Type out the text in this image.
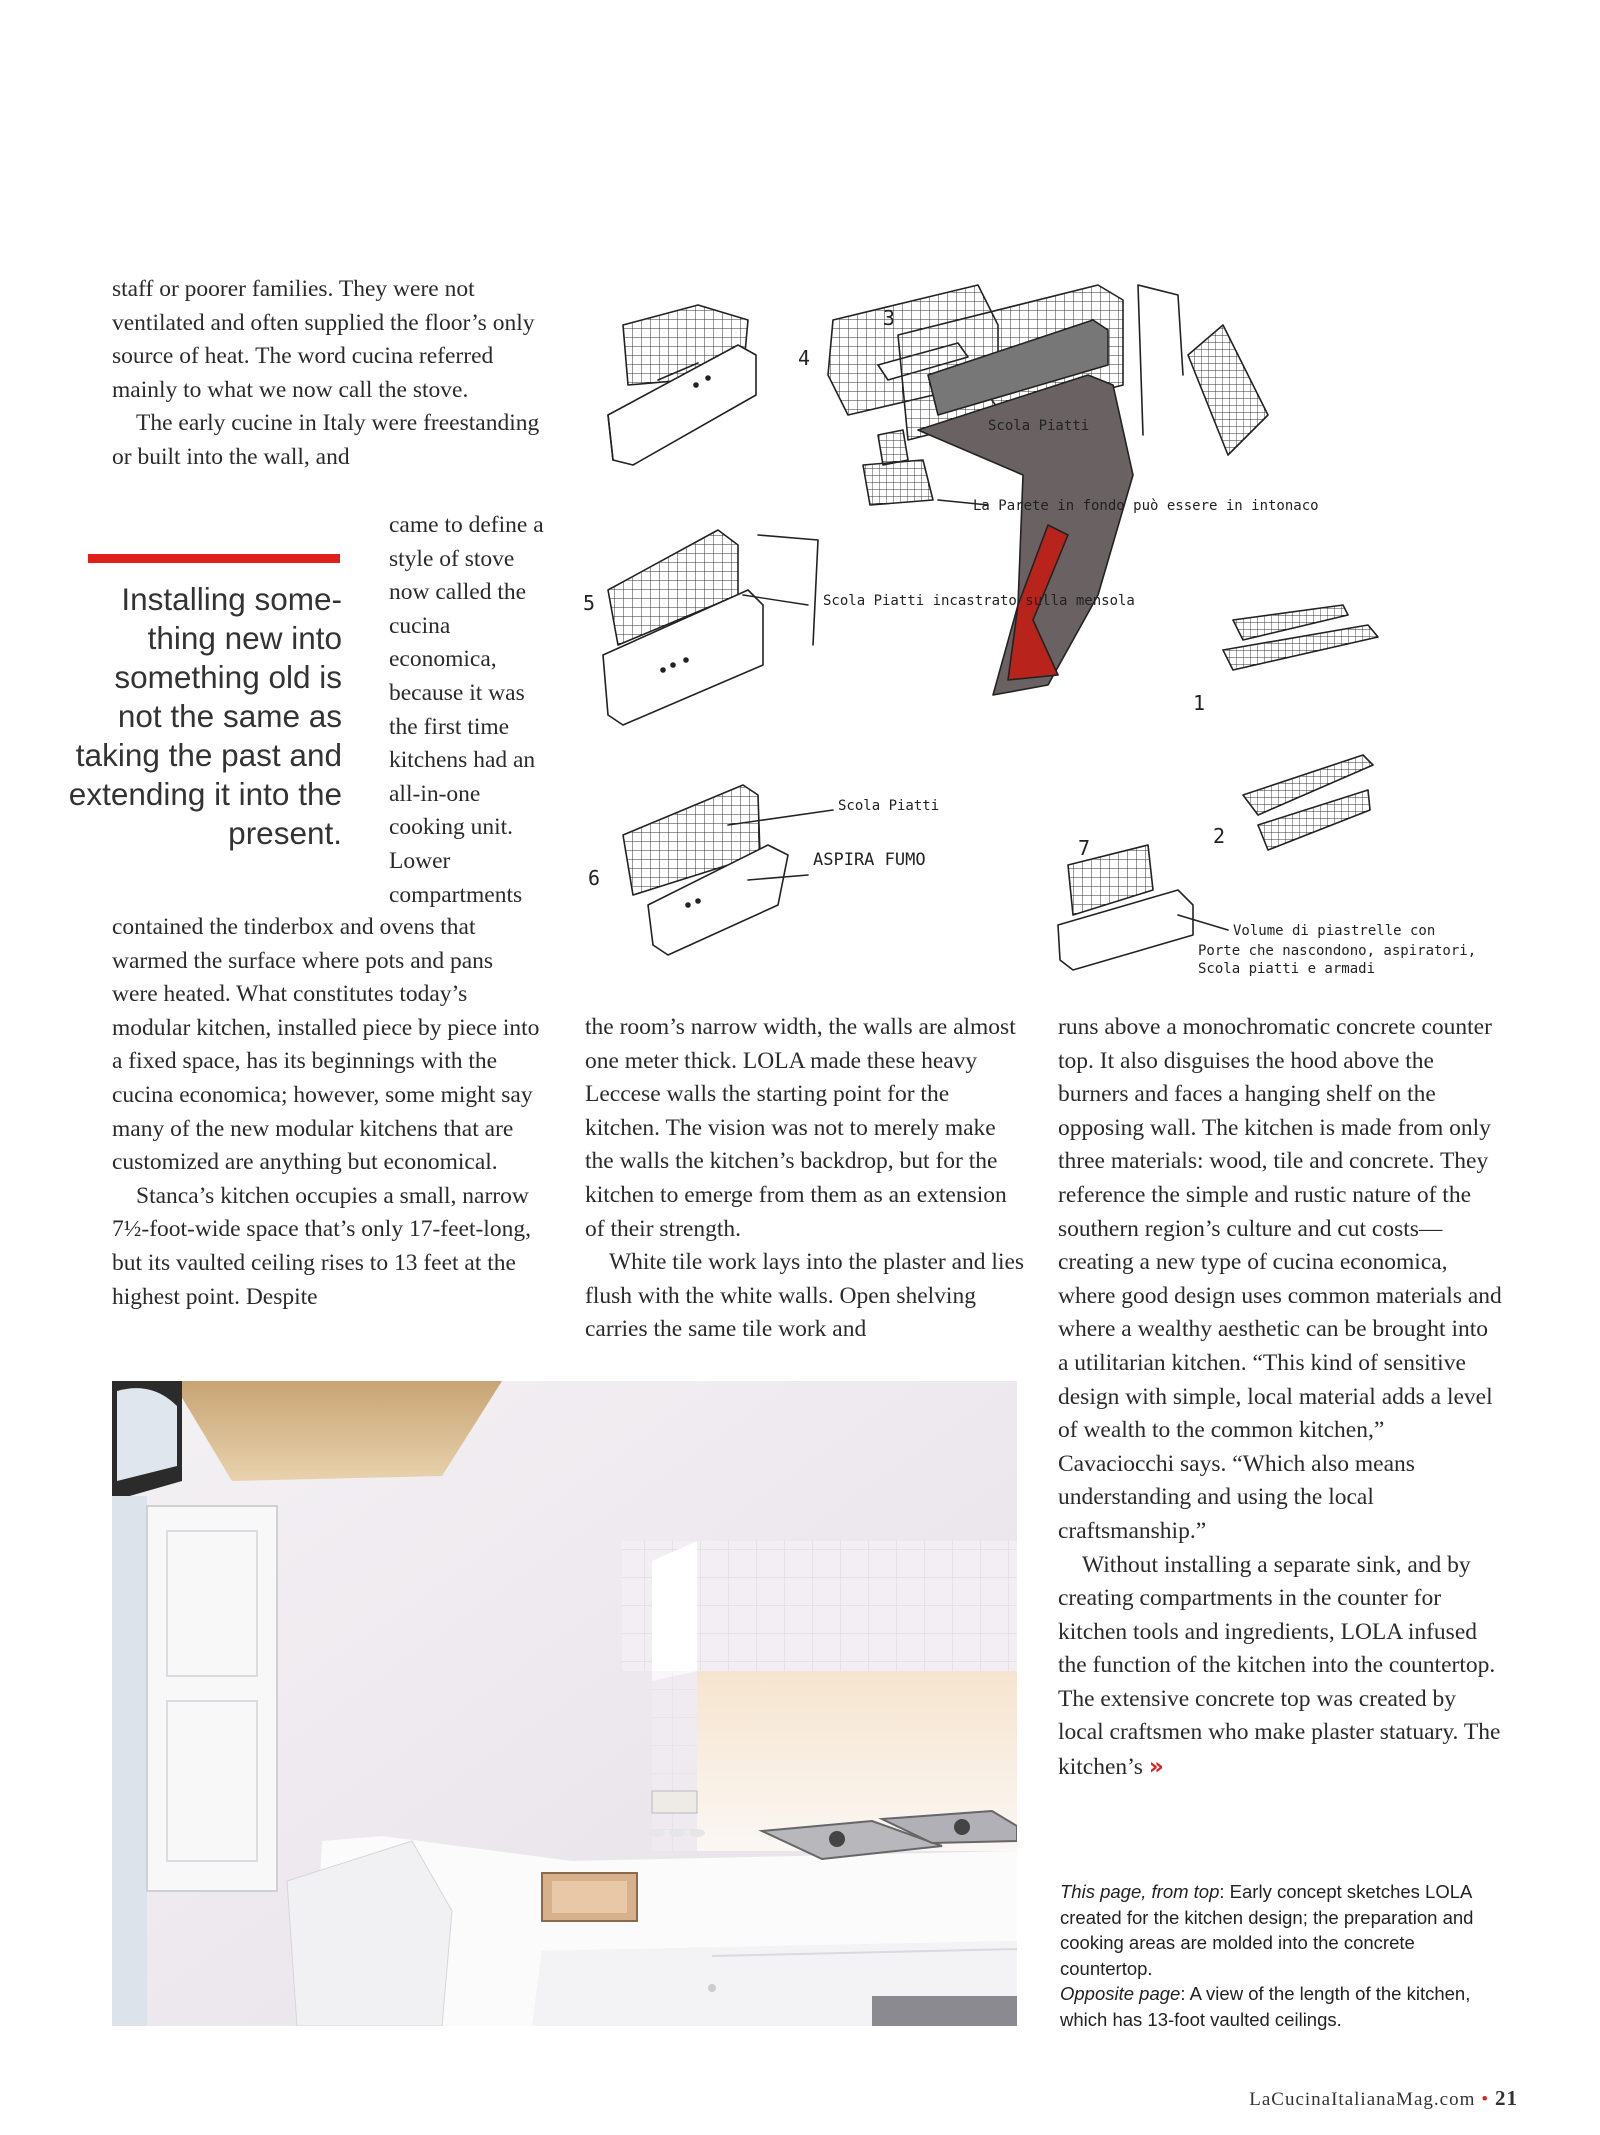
staff or poorer families. They were not ventilated and often supplied the floor’s only source of heat. The word cucina referred mainly to what we now call the stove.

The early cucine in Italy were freestanding or built into the wall, and

came to define a style of stove now called the cucina economica, because it was the first time kitchens had an all-in-one cooking unit. Lower compartments

contained the tinderbox and ovens that warmed the surface where pots and pans were heated. What constitutes today’s modular kitchen, installed piece by piece into a fixed space, has its beginnings with the cucina economica; however, some might say many of the new modular kitchens that are customized are anything but economical.

Stanca’s kitchen occupies a small, narrow 7½-foot-wide space that’s only 17-feet-long, but its vaulted ceiling rises to 13 feet at the highest point. Despite

Installing some-thing new into something old is not the same as taking the past and extending it into the present.

the room’s narrow width, the walls are almost one meter thick. LOLA made these heavy Leccese walls the starting point for the kitchen. The vision was not to merely make the walls the kitchen’s backdrop, but for the kitchen to emerge from them as an extension of their strength.

White tile work lays into the plaster and lies flush with the white walls. Open shelving carries the same tile work and

runs above a monochromatic concrete counter top. It also disguises the hood above the burners and faces a hanging shelf on the opposing wall. The kitchen is made from only three materials: wood, tile and concrete. They reference the simple and rustic nature of the southern region’s culture and cut costs—creating a new type of cucina economica, where good design uses common materials and where a wealthy aesthetic can be brought into a utilitarian kitchen. “This kind of sensitive design with simple, local material adds a level of wealth to the common kitchen,” Cavaciocchi says. “Which also means understanding and using the local craftsmanship.”

Without installing a separate sink, and by creating compartments in the counter for kitchen tools and ingredients, LOLA infused the function of the kitchen into the countertop. The extensive concrete top was created by local craftsmen who make plaster statuary. The kitchen’s »

3
4
5
1
6
7	2
Scola Piatti
La Parete in fondo può essere in intonaco
Scola Piatti incastrato sulla mensola
Scola Piatti
ASPIRA FUMO
Volume di piastrelle con
Porte che nascondono, aspiratori,
Scola piatti e armadi
This page, from top: Early concept sketches LOLA created for the kitchen design; the preparation and cooking areas are molded into the concrete countertop.
Opposite page: A view of the length of the kitchen, which has 13-foot vaulted ceilings.
LaCucinaItalianaMag.com • 21
